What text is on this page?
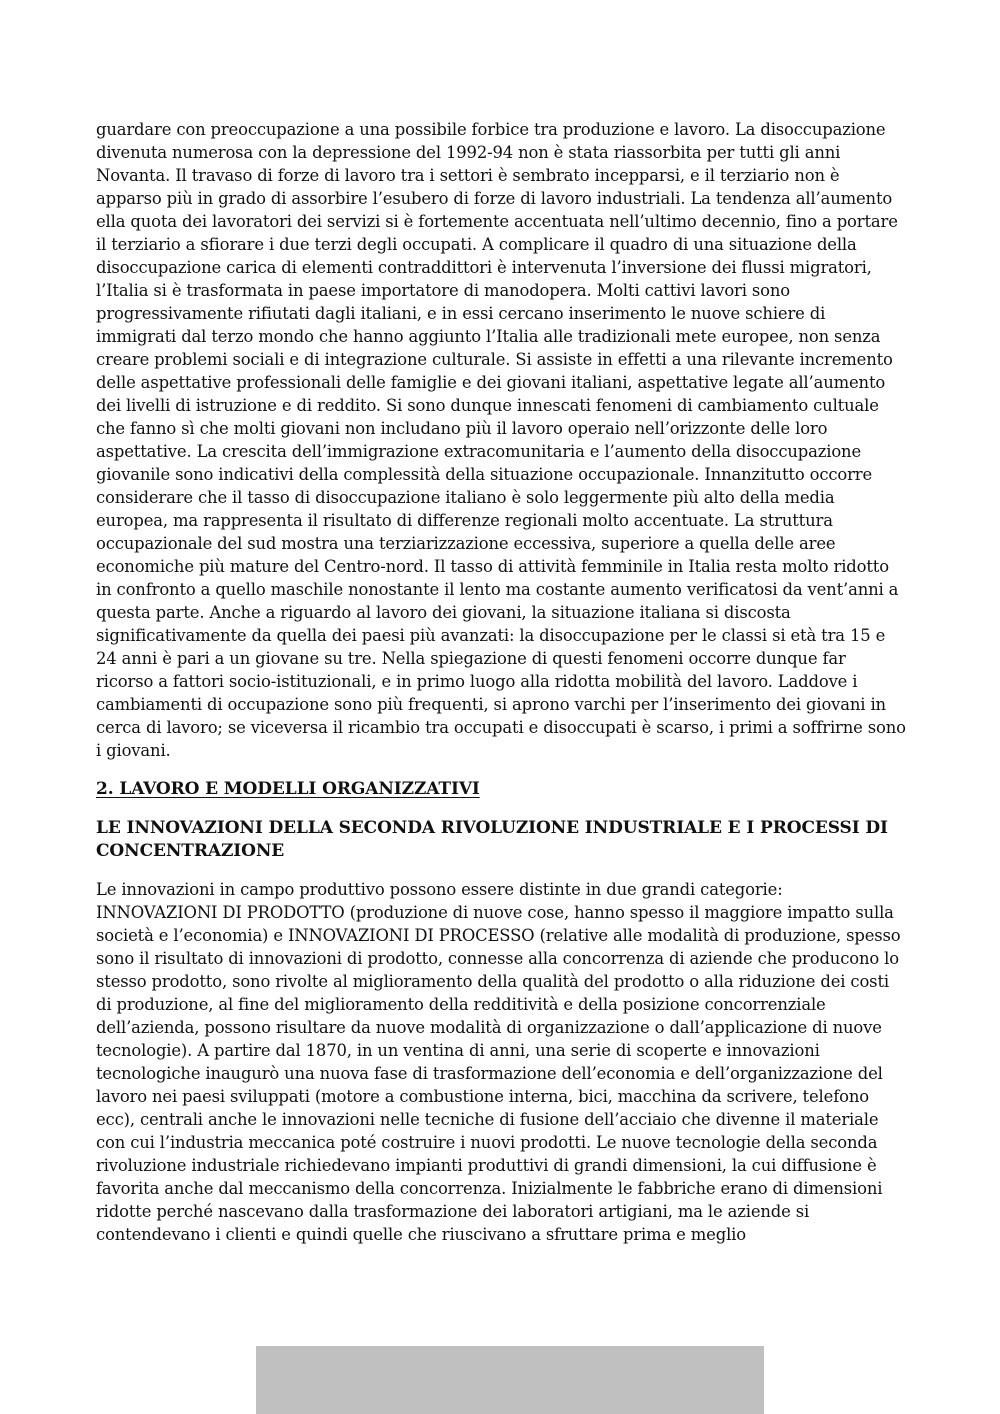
guardare con preoccupazione a una possibile forbice tra produzione e lavoro. La disoccupazione divenuta numerosa con la depressione del 1992-94 non è stata riassorbita per tutti gli anni Novanta. Il travaso di forze di lavoro tra i settori è sembrato incepparsi, e il terziario non è apparso più in grado di assorbire l’esubero di forze di lavoro industriali. La tendenza all’aumento ella quota dei lavoratori dei servizi si è fortemente accentuata nell’ultimo decennio, fino a portare il terziario a sfiorare i due terzi degli occupati. A complicare il quadro di una situazione della disoccupazione carica di elementi contraddittori è intervenuta l’inversione dei flussi migratori, l’Italia si è trasformata in paese importatore di manodopera. Molti cattivi lavori sono progressivamente rifiutati dagli italiani, e in essi cercano inserimento le nuove schiere di immigrati dal terzo mondo che hanno aggiunto l’Italia alle tradizionali mete europee, non senza creare problemi sociali e di integrazione culturale. Si assiste in effetti a una rilevante incremento delle aspettative professionali delle famiglie e dei giovani italiani, aspettative legate all’aumento dei livelli di istruzione e di reddito. Si sono dunque innescati fenomeni di cambiamento cultuale che fanno sì che molti giovani non includano più il lavoro operaio nell’orizzonte delle loro aspettative. La crescita dell’immigrazione extracomunitaria e l’aumento della disoccupazione giovanile sono indicativi della complessità della situazione occupazionale. Innanzitutto occorre considerare che il tasso di disoccupazione italiano è solo leggermente più alto della media europea, ma rappresenta il risultato di differenze regionali molto accentuate. La struttura occupazionale del sud mostra una terziarizzazione eccessiva, superiore a quella delle aree economiche più mature del Centro-nord. Il tasso di attività femminile in Italia resta molto ridotto in confronto a quello maschile nonostante il lento ma costante aumento verificatosi da vent’anni a questa parte. Anche a riguardo al lavoro dei giovani, la situazione italiana si discosta significativamente da quella dei paesi più avanzati: la disoccupazione per le classi si età tra 15 e 24 anni è pari a un giovane su tre. Nella spiegazione di questi fenomeni occorre dunque far ricorso a fattori socio-istituzionali, e in primo luogo alla ridotta mobilità del lavoro. Laddove i cambiamenti di occupazione sono più frequenti, si aprono varchi per l’inserimento dei giovani in cerca di lavoro; se viceversa il ricambio tra occupati e disoccupati è scarso, i primi a soffrirne sono i giovani.

2. LAVORO E MODELLI ORGANIZZATIVI
LE INNOVAZIONI DELLA SECONDA RIVOLUZIONE INDUSTRIALE E I PROCESSI DI CONCENTRAZIONE

Le innovazioni in campo produttivo possono essere distinte in due grandi categorie: INNOVAZIONI DI PRODOTTO (produzione di nuove cose, hanno spesso il maggiore impatto sulla società e l’economia) e INNOVAZIONI DI PROCESSO (relative alle modalità di produzione, spesso sono il risultato di innovazioni di prodotto, connesse alla concorrenza di aziende che producono lo stesso prodotto, sono rivolte al miglioramento della qualità del prodotto o alla riduzione dei costi di produzione, al fine del miglioramento della redditività e della posizione concorrenziale dell’azienda, possono risultare da nuove modalità di organizzazione o dall’applicazione di nuove tecnologie). A partire dal 1870, in un ventina di anni, una serie di scoperte e innovazioni tecnologiche inaugurò una nuova fase di trasformazione dell’economia e dell’organizzazione del lavoro nei paesi sviluppati (motore a combustione interna, bici, macchina da scrivere, telefono ecc), centrali anche le innovazioni nelle tecniche di fusione dell’acciaio che divenne il materiale con cui l’industria meccanica poté costruire i nuovi prodotti. Le nuove tecnologie della seconda rivoluzione industriale richiedevano impianti produttivi di grandi dimensioni, la cui diffusione è favorita anche dal meccanismo della concorrenza. Inizialmente le fabbriche erano di dimensioni ridotte perché nascevano dalla trasformazione dei laboratori artigiani, ma le aziende si contendevano i clienti e quindi quelle che riuscivano a sfruttare prima e meglio
